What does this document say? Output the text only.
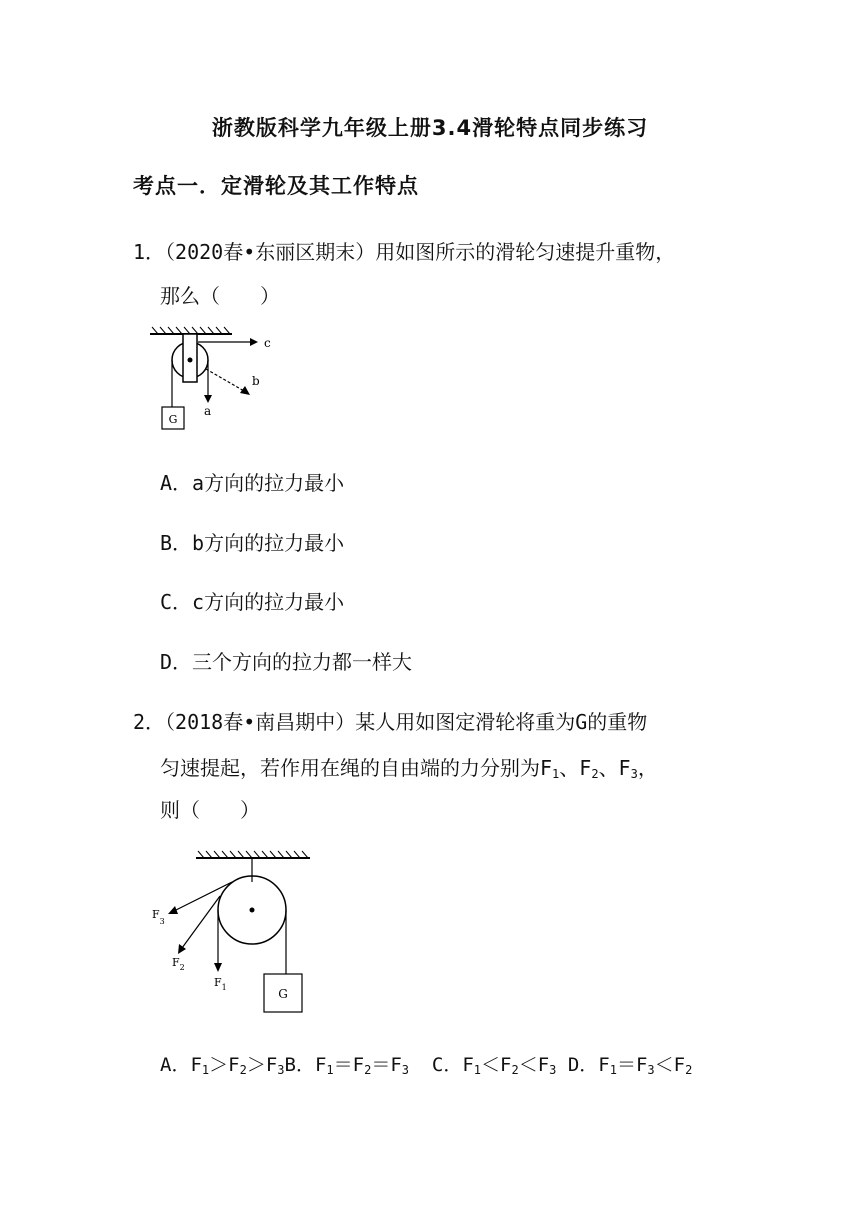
浙教版科学九年级上册3.4滑轮特点同步练习
考点一．定滑轮及其工作特点
1．（2020春•东丽区期末）用如图所示的滑轮匀速提升重物，
那么（　　）
G
c
b
a
A．a方向的拉力最小
B．b方向的拉力最小
C．c方向的拉力最小
D．三个方向的拉力都一样大
2．（2018春•南昌期中）某人用如图定滑轮将重为G的重物
匀速提起，若作用在绳的自由端的力分别为$F_1$、$F_2$、$F_3$，
则（　　）
G
$F_1$
$F_2$
$F_3$
A．$F_1>F_2>F_3B$．$F_1=F_2=F_3$ C．$F_1<F_2<F_3$ D．$F_1=F_3<F_2$
